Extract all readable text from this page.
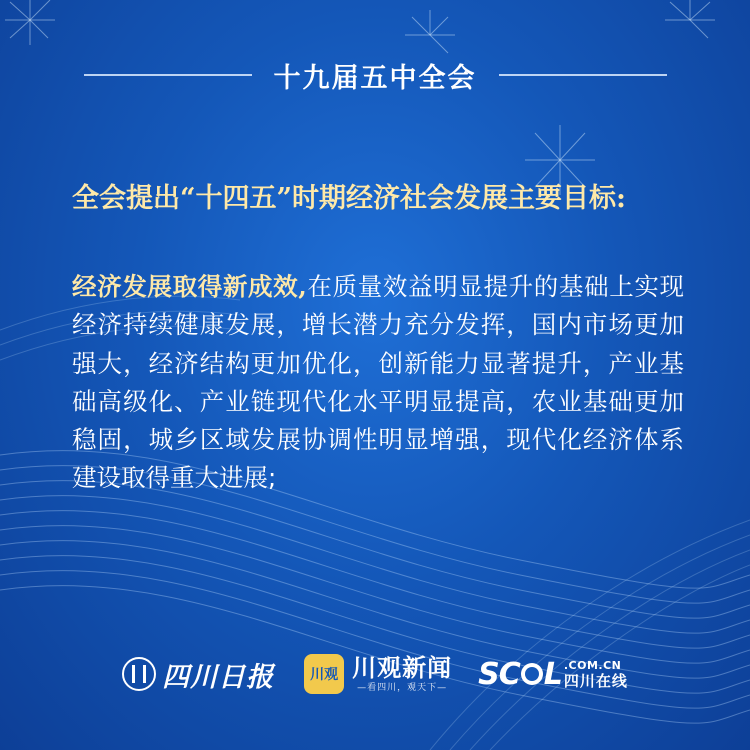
十九届五中全会
全会提出“十四五”时期经济社会发展主要目标:
经济发展取得新成效,在质量效益明显提升的基础上实现经济持续健康发展，增长潜力充分发挥，国内市场更加强大，经济结构更加优化，创新能力显著提升，产业基础高级化、产业链现代化水平明显提高，农业基础更加稳固，城乡区域发展协调性明显增强，现代化经济体系建设取得重大进展;
四川日报	川观 川观新闻
—看四川，观天下— SC L .COM.CN
四川在线
